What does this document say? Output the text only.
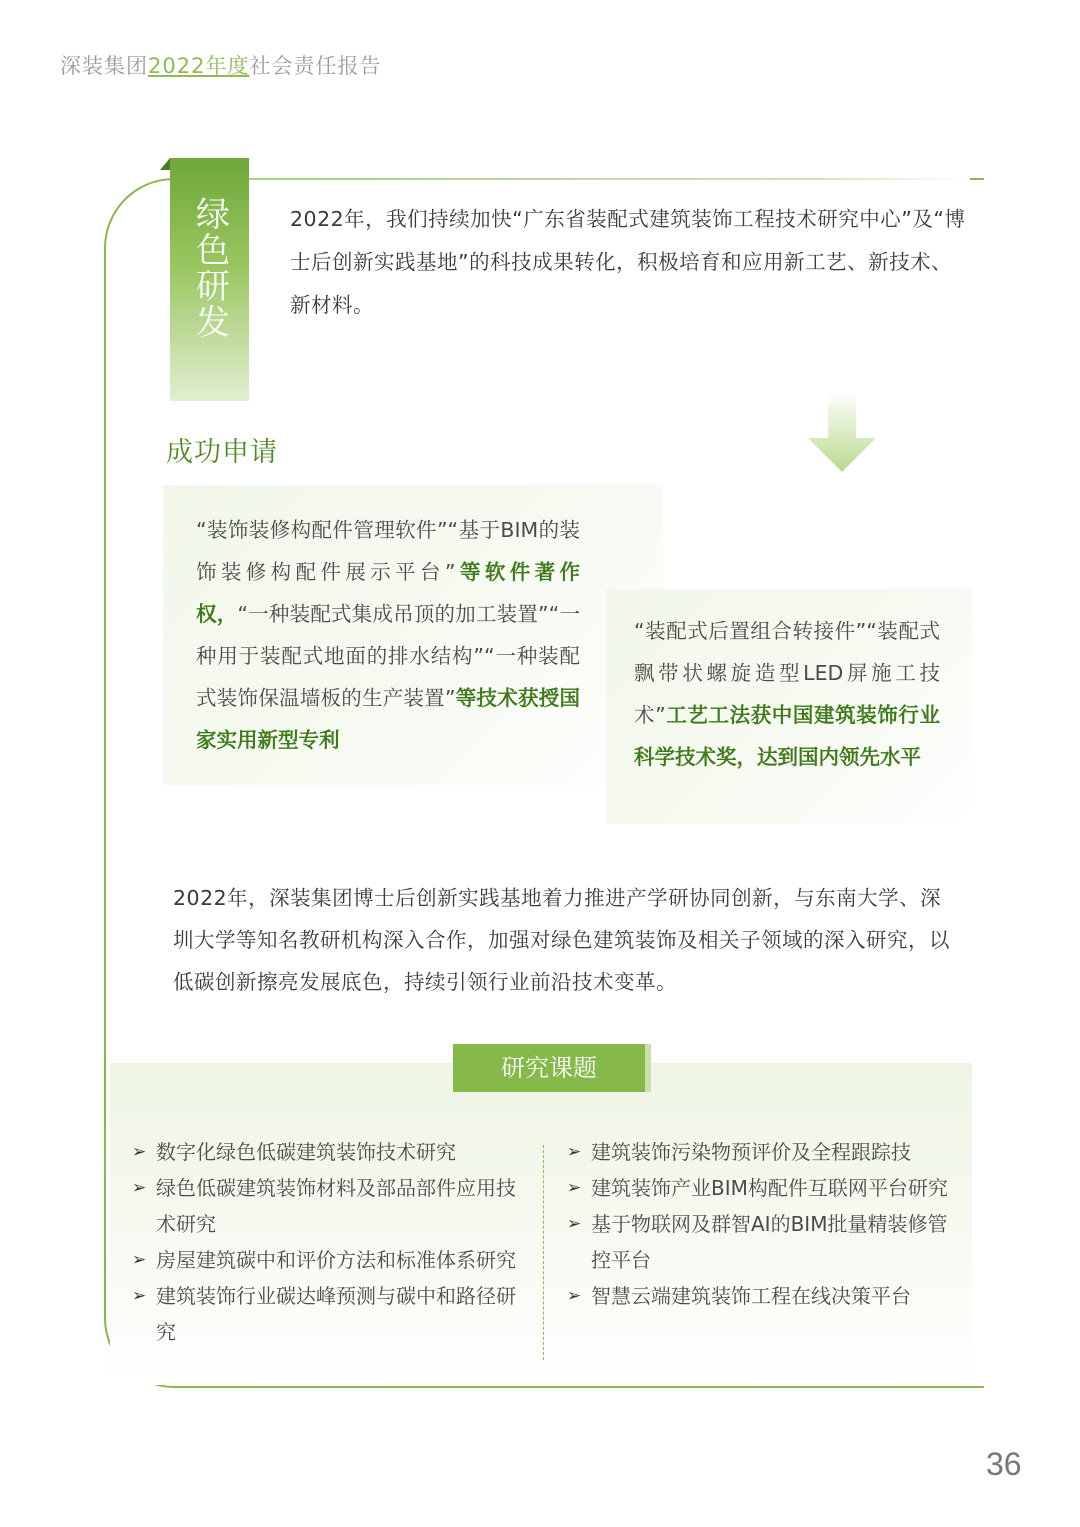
深装集团2022年度社会责任报告
绿色研发	2022年，我们持续加快“广东省装配式建筑装饰工程技术研究中心”及“博士后创新实践基地”的科技成果转化，积极培育和应用新工艺、新技术、新材料。
成功申请
“装饰装修构配件管理软件”“基于BIM的装饰装修构配件展示平台”等软件著作权，“一种装配式集成吊顶的加工装置”“一种用于装配式地面的排水结构”“一种装配式装饰保温墙板的生产装置”等技术获授国家实用新型专利
“装配式后置组合转接件”“装配式飘带状螺旋造型LED屏施工技术”工艺工法获中国建筑装饰行业科学技术奖，达到国内领先水平
2022年，深装集团博士后创新实践基地着力推进产学研协同创新，与东南大学、深圳大学等知名教研机构深入合作，加强对绿色建筑装饰及相关子领域的深入研究，以低碳创新擦亮发展底色，持续引领行业前沿技术变革。
研究课题
➢ 数字化绿色低碳建筑装饰技术研究
➢ 绿色低碳建筑装饰材料及部品部件应用技术研究
➢ 房屋建筑碳中和评价方法和标准体系研究
➢ 建筑装饰行业碳达峰预测与碳中和路径研究
➢ 建筑装饰污染物预评价及全程跟踪技
➢ 建筑装饰产业BIM构配件互联网平台研究
➢ 基于物联网及群智AI的BIM批量精装修管控平台
➢ 智慧云端建筑装饰工程在线决策平台
36
